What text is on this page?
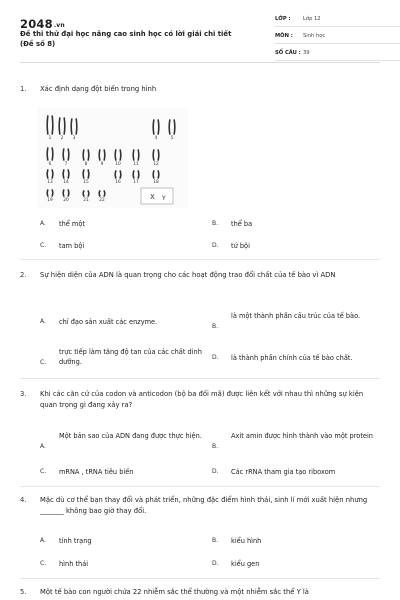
2048.vn
Đề thi thử đại học nâng cao sinh học có lời giải chi tiết (Đề số 8)
LỚP : Lớp 12
MÔN : Sinh học
SỐ CÂU : 39
1. Xác định dạng đột biến trong hình
1 2 3	4	5
6	7	8	9	10	11	12
13 14	15	16	17	18
19 20	21 22	X Y
A. thể một	B. thể ba
C. tam bội	D. tứ bội
2. Sự hiện diện của ADN là quan trọng cho các hoạt động trao đổi chất của tế bào vì ADN
A. chỉ đạo sản xuất các enzyme.
B.
là một thành phần cấu trúc của tế bào.
C.
trực tiếp làm tăng độ tan của các chất dinh dưỡng.
D. là thành phần chính của tế bào chất.
3. Khi các căn cứ của codon và anticodon (bộ ba đối mã) được liên kết với nhau thì những sự kiện quan trọng gì đang xảy ra?
A.
Một bản sao của ADN đang được thực hiện.
B.
Axit amin được hình thành vào một protein
C. mRNA , tRNA tiêu biến	D. Các rRNA tham gia tạo riboxom
4. Mặc dù cơ thể bạn thay đổi và phát triển, những đặc điểm hình thái, sinh lí mới xuất hiện nhưng _______ không bao giờ thay đổi.
A. tính trạng	B. kiểu hình
C. hình thái	D. kiểu gen
5. Một tế bào con người chứa 22 nhiễm sắc thể thường và một nhiễm sắc thể Y là
